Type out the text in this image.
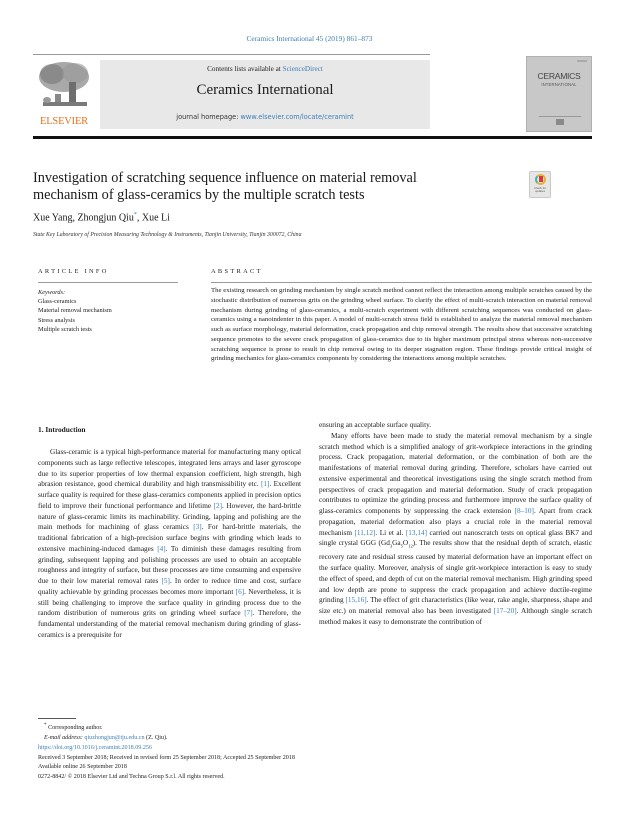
Ceramics International 45 (2019) 861–873
ELSEVIER
Contents lists available at ScienceDirect
Ceramics International
journal homepage: www.elsevier.com/locate/ceramint
CERAMICS
INTERNATIONAL
Investigation of scratching sequence influence on material removal mechanism of glass-ceramics by the multiple scratch tests	Check for updates
Xue Yang, Zhongjun Qiu*, Xue Li
State Key Laboratory of Precision Measuring Technology & Instruments, Tianjin University, Tianjin 300072, China
ARTICLE INFO	ABSTRACT
Keywords:
Glass-ceramics
Material removal mechanism
Stress analysis
Multiple scratch tests
The existing research on grinding mechanism by single scratch method cannot reflect the interaction among multiple scratches caused by the stochastic distribution of numerous grits on the grinding wheel surface. To clarify the effect of multi-scratch interaction on material removal mechanism during grinding of glass-ceramics, a multi-scratch experiment with different scratching sequences was conducted on glass-ceramics using a nanoindenter in this paper. A model of multi-scratch stress field is established to analyze the material removal mechanism such as surface morphology, material deformation, crack propagation and chip removal strength. The results show that successive scratching sequence promotes to the severe crack propagation of glass-ceramics due to its higher maximum principal stress whereas non-successive scratching sequence is prone to result in chip removal owing to its deeper stagnation region. These findings provide critical insight of grinding mechanics for glass-ceramics components by considering the interactions among multiple scratches.
1. Introduction

Glass-ceramic is a typical high-performance material for manufacturing many optical components such as large reflective telescopes, integrated lens arrays and laser gyroscope due to its superior properties of low thermal expansion coefficient, high strength, high abrasion resistance, good chemical durability and high transmissibility etc. [1]. Excellent surface quality is required for these glass-ceramics components applied in precision optics field to improve their functional performance and lifetime [2]. However, the hard-brittle nature of glass-ceramic limits its machinability. Grinding, lapping and polishing are the main methods for machining of glass ceramics [3]. For hard-brittle materials, the traditional fabrication of a high-precision surface begins with grinding which leads to extensive machining-induced damages [4]. To diminish these damages resulting from grinding, subsequent lapping and polishing processes are used to obtain an acceptable roughness and integrity of surface, but these processes are time consuming and expensive due to their low material removal rates [5]. In order to reduce time and cost, surface quality achievable by grinding processes becomes more important [6]. Nevertheless, it is still being challenging to improve the surface quality in grinding process due to the random distribution of numerous grits on grinding wheel surface [7]. Therefore, the fundamental understanding of the material removal mechanism during grinding of glass-ceramics is a prerequisite for

ensuring an acceptable surface quality.

Many efforts have been made to study the material removal mechanism by a single scratch method which is a simplified analogy of grit-workpiece interactions in the grinding process. Crack propagation, material deformation, or the combination of both are the manifestations of material removal during grinding. Therefore, scholars have carried out extensive experimental and theoretical investigations using the single scratch method from perspectives of crack propagation and material deformation. Study of crack propagation contributes to optimize the grinding process and furthermore improve the surface quality of glass-ceramics components by suppressing the crack extension [8–10]. Apart from crack propagation, material deformation also plays a crucial role in the material removal mechanism [11,12]. Li et al. [13,14] carried out nanoscratch tests on optical glass BK7 and single crystal GGG $(Gd_3Ga_5O_{12})$. The results show that the residual depth of scratch, elastic recovery rate and residual stress caused by material deformation have an important effect on the surface quality. Moreover, analysis of single grit-workpiece interaction is easy to study the effect of speed, and depth of cut on the material removal mechanism. High grinding speed and low depth are prone to suppress the crack propagation and achieve ductile-regime grinding [15,16]. The effect of grit characteristics (like wear, rake angle, sharpness, shape and size etc.) on material removal also has been investigated [17–20]. Although single scratch method makes it easy to demonstrate the contribution of

* Corresponding author.
E-mail address: qiuzhongjun@tju.edu.cn (Z. Qiu).
https://doi.org/10.1016/j.ceramint.2018.09.256
Received 3 September 2018; Received in revised form 25 September 2018; Accepted 25 September 2018
Available online 26 September 2018
0272-8842/ © 2018 Elsevier Ltd and Techna Group S.r.l. All rights reserved.
